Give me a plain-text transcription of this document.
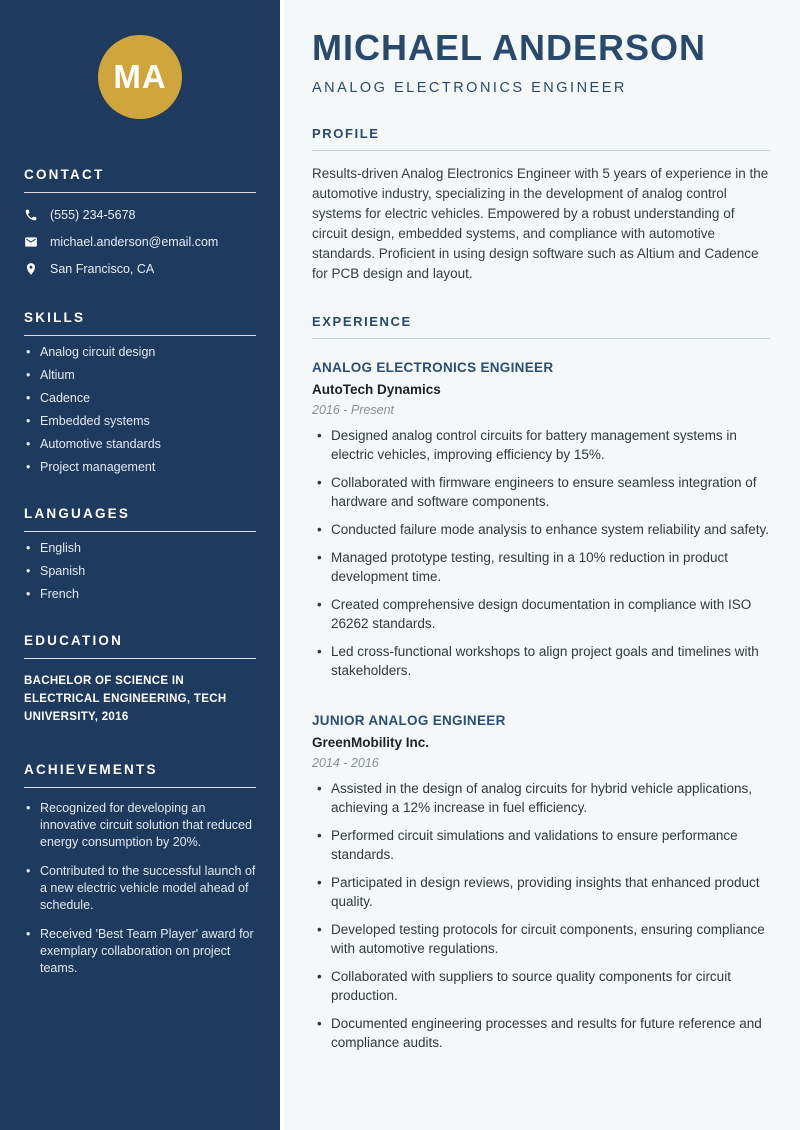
MA
CONTACT
(555) 234-5678
michael.anderson@email.com
San Francisco, CA
SKILLS
• Analog circuit design
• Altium
• Cadence
• Embedded systems
• Automotive standards
• Project management
LANGUAGES
• English
• Spanish
• French
EDUCATION

BACHELOR OF SCIENCE IN ELECTRICAL ENGINEERING, TECH UNIVERSITY, 2016

ACHIEVEMENTS
• Recognized for developing an innovative circuit solution that reduced energy consumption by 20%.
• Contributed to the successful launch of a new electric vehicle model ahead of schedule.
• Received 'Best Team Player' award for exemplary collaboration on project teams.
MICHAEL ANDERSON
ANALOG ELECTRONICS ENGINEER
PROFILE

Results-driven Analog Electronics Engineer with 5 years of experience in the automotive industry, specializing in the development of analog control systems for electric vehicles. Empowered by a robust understanding of circuit design, embedded systems, and compliance with automotive standards. Proficient in using design software such as Altium and Cadence for PCB design and layout.

EXPERIENCE
ANALOG ELECTRONICS ENGINEER
AutoTech Dynamics
2016 - Present
• Designed analog control circuits for battery management systems in electric vehicles, improving efficiency by 15%.
• Collaborated with firmware engineers to ensure seamless integration of hardware and software components.
• Conducted failure mode analysis to enhance system reliability and safety.
• Managed prototype testing, resulting in a 10% reduction in product development time.
• Created comprehensive design documentation in compliance with ISO 26262 standards.
• Led cross-functional workshops to align project goals and timelines with stakeholders.
JUNIOR ANALOG ENGINEER
GreenMobility Inc.
2014 - 2016
• Assisted in the design of analog circuits for hybrid vehicle applications, achieving a 12% increase in fuel efficiency.
• Performed circuit simulations and validations to ensure performance standards.
• Participated in design reviews, providing insights that enhanced product quality.
• Developed testing protocols for circuit components, ensuring compliance with automotive regulations.
• Collaborated with suppliers to source quality components for circuit production.
• Documented engineering processes and results for future reference and compliance audits.
